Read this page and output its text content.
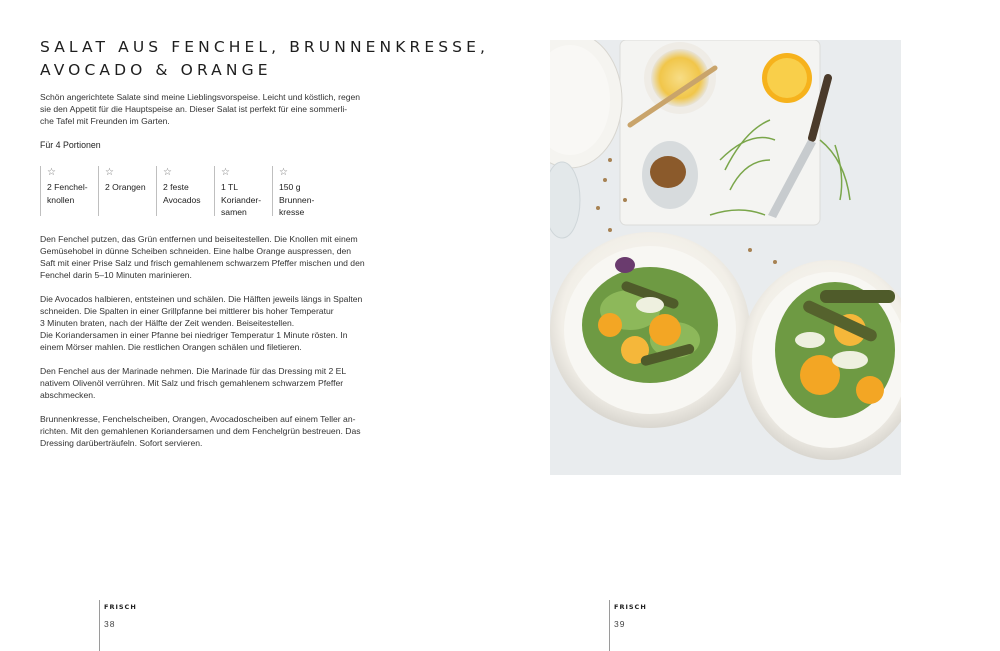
SALAT AUS FENCHEL, BRUNNENKRESSE,
AVOCADO & ORANGE
Schön angerichtete Salate sind meine Lieblingsvorspeise. Leicht und köstlich, regen
sie den Appetit für die Hauptspeise an. Dieser Salat ist perfekt für eine sommerli-
che Tafel mit Freunden im Garten.
Für 4 Portionen
☆
2 Fenchel-
knollen
☆
2 Orangen
☆
2 feste
Avocados
☆
1 TL
Koriander-
samen
☆
150 g
Brunnen-
kresse
Den Fenchel putzen, das Grün entfernen und beiseitestellen. Die Knollen mit einem
Gemüsehobel in dünne Scheiben schneiden. Eine halbe Orange auspressen, den
Saft mit einer Prise Salz und frisch gemahlenem schwarzem Pfeffer mischen und den
Fenchel darin 5–10 Minuten marinieren.
Die Avocados halbieren, entsteinen und schälen. Die Hälften jeweils längs in Spalten
schneiden. Die Spalten in einer Grillpfanne bei mittlerer bis hoher Temperatur
3 Minuten braten, nach der Hälfte der Zeit wenden. Beiseitestellen.
Die Koriandersamen in einer Pfanne bei niedriger Temperatur 1 Minute rösten. In
einem Mörser mahlen. Die restlichen Orangen schälen und filetieren.
Den Fenchel aus der Marinade nehmen. Die Marinade für das Dressing mit 2 EL
nativem Olivenöl verrühren. Mit Salz und frisch gemahlenem schwarzem Pfeffer
abschmecken.
Brunnenkresse, Fenchelscheiben, Orangen, Avocadoscheiben auf einem Teller an-
richten. Mit den gemahlenen Koriandersamen und dem Fenchelgrün bestreuen. Das
Dressing darüberträufeln. Sofort servieren.
FRISCH
38
FRISCH
39
